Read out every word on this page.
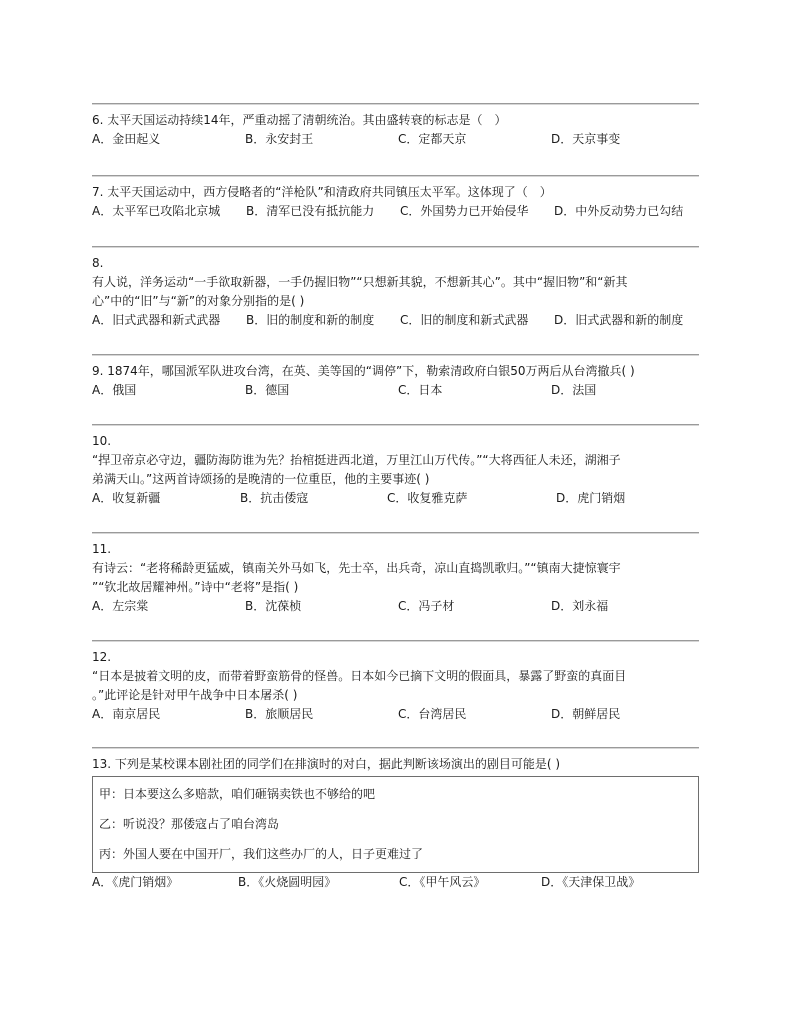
6. 太平天国运动持续14年，严重动摇了清朝统治。其由盛转衰的标志是（　）
A．金田起义	B．永安封王	C．定都天京	D．天京事变
7. 太平天国运动中，西方侵略者的“洋枪队”和清政府共同镇压太平军。这体现了（　）
A．太平军已攻陷北京城 B．清军已没有抵抗能力 C．外国势力已开始侵华 D．中外反动势力已勾结
8.
有人说，洋务运动“一手欲取新器，一手仍握旧物”“只想新其貌，不想新其心”。其中“握旧物”和“新其
心”中的“旧”与“新”的对象分别指的是( )
A．旧式武器和新式武器 B．旧的制度和新的制度 C．旧的制度和新式武器 D．旧式武器和新的制度
9. 1874年，哪国派军队进攻台湾，在英、美等国的“调停”下，勒索清政府白银50万两后从台湾撤兵( )
A．俄国	B．德国	C．日本	D．法国
10.
“捍卫帝京必守边，疆防海防谁为先？抬棺挺进西北道，万里江山万代传。”“大将西征人未还，湖湘子
弟满天山。”这两首诗颂扬的是晚清的一位重臣，他的主要事迹( )
A．收复新疆	B．抗击倭寇	C．收复雅克萨	D．虎门销烟
11.
有诗云：“老将稀龄更猛威，镇南关外马如飞，先士卒，出兵奇，凉山直捣凯歌归。”“镇南大捷惊寰宇
”“钦北故居耀神州。”诗中“老将”是指( )
A．左宗棠	B．沈葆桢	C．冯子材	D．刘永福
12.
“日本是披着文明的皮，而带着野蛮筋骨的怪兽。日本如今已摘下文明的假面具，暴露了野蛮的真面目
。”此评论是针对甲午战争中日本屠杀( )
A．南京居民	B．旅顺居民	C．台湾居民	D．朝鲜居民
13. 下列是某校课本剧社团的同学们在排演时的对白，据此判断该场演出的剧目可能是( )
甲：日本要这么多赔款，咱们砸锅卖铁也不够给的吧
乙：听说没？那倭寇占了咱台湾岛
丙：外国人要在中国开厂，我们这些办厂的人，日子更难过了
A．《虎门销烟》	B．《火烧圆明园》	C．《甲午风云》	D．《天津保卫战》
